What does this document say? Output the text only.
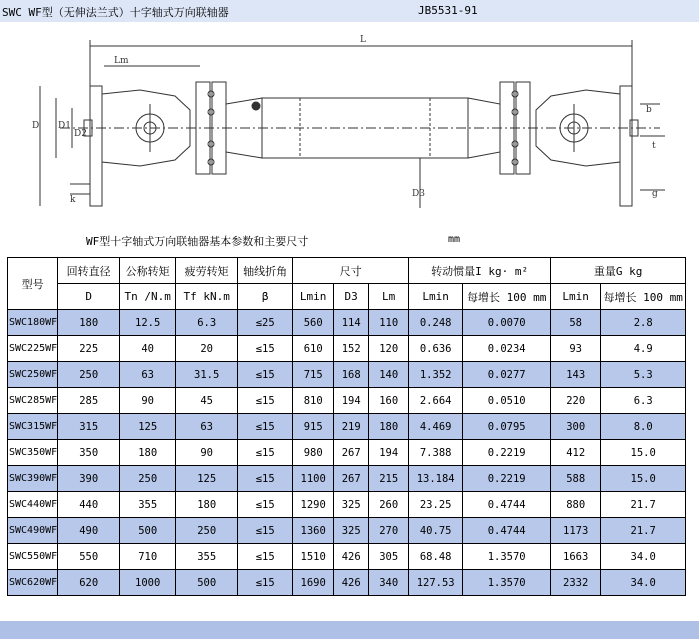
SWC WF型（无伸法兰式）十字轴式万向联轴器	JB5531-91
L
Lm
D D1
D2
k
D3
b
t
g
WF型十字轴式万向联轴器基本参数和主要尺寸	mm
型号	回转直径	公称转矩	疲劳转矩	轴线折角	尺寸			转动惯量I kg· m²		重量G kg	
	D	Tn /N.m	Tf kN.m	β	Lmin	D3	Lm	Lmin	每增长 100 mm	Lmin	每增长 100 mm
SWC180WF	180	12.5	6.3	≤25	560	114	110	0.248	0.0070	58	2.8
SWC225WF	225	40	20	≤15	610	152	120	0.636	0.0234	93	4.9
SWC250WF	250	63	31.5	≤15	715	168	140	1.352	0.0277	143	5.3
SWC285WF	285	90	45	≤15	810	194	160	2.664	0.0510	220	6.3
SWC315WF	315	125	63	≤15	915	219	180	4.469	0.0795	300	8.0
SWC350WF	350	180	90	≤15	980	267	194	7.388	0.2219	412	15.0
SWC390WF	390	250	125	≤15	1100	267	215	13.184	0.2219	588	15.0
SWC440WF	440	355	180	≤15	1290	325	260	23.25	0.4744	880	21.7
SWC490WF	490	500	250	≤15	1360	325	270	40.75	0.4744	1173	21.7
SWC550WF	550	710	355	≤15	1510	426	305	68.48	1.3570	1663	34.0
SWC620WF	620	1000	500	≤15	1690	426	340	127.53	1.3570	2332	34.0
